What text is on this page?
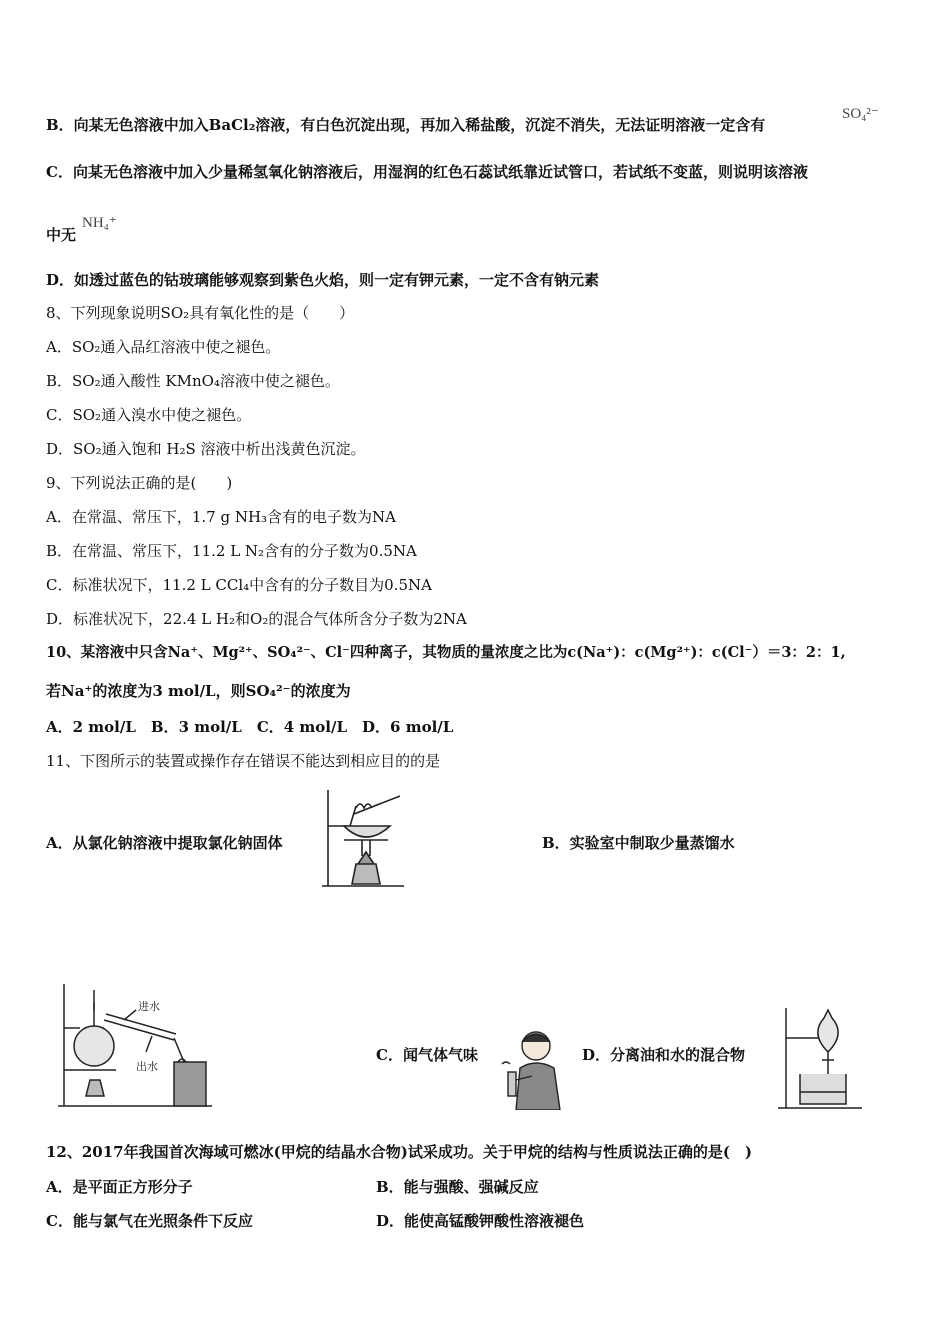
B．向某无色溶液中加入BaCl₂溶液，有白色沉淀出现，再加入稀盐酸，沉淀不消失，无法证明溶液一定含有
SO₄²⁻
C．向某无色溶液中加入少量稀氢氧化钠溶液后，用湿润的红色石蕊试纸靠近试管口，若试纸不变蓝，则说明该溶液
中无
NH₄⁺
D．如透过蓝色的钴玻璃能够观察到紫色火焰，则一定有钾元素，一定不含有钠元素
8、下列现象说明SO₂具有氧化性的是（　　）
A．SO₂通入品红溶液中使之褪色。
B．SO₂通入酸性 KMnO₄溶液中使之褪色。
C．SO₂通入溴水中使之褪色。
D．SO₂通入饱和 H₂S 溶液中析出浅黄色沉淀。
9、下列说法正确的是(　　)
A．在常温、常压下，1.7 g NH₃含有的电子数为NA
B．在常温、常压下，11.2 L N₂含有的分子数为0.5NA
C．标准状况下，11.2 L CCl₄中含有的分子数目为0.5NA
D．标准状况下，22.4 L H₂和O₂的混合气体所含分子数为2NA
10、某溶液中只含Na⁺、Mg²⁺、SO₄²⁻、Cl⁻四种离子，其物质的量浓度之比为c(Na⁺)：c(Mg²⁺)：c(Cl⁻）＝3：2：1,
若Na⁺的浓度为3 mol/L，则SO₄²⁻的浓度为
A．2 mol/L　B．3 mol/L　C．4 mol/L　D．6 mol/L
11、下图所示的装置或操作存在错误不能达到相应目的的是
A．从氯化钠溶液中提取氯化钠固体	B．实验室中制取少量蒸馏水
进水
出水
C．闻气体气味	D．分离油和水的混合物
12、2017年我国首次海域可燃冰(甲烷的结晶水合物)试采成功。关于甲烷的结构与性质说法正确的是(　)
A．是平面正方形分子	B．能与强酸、强碱反应
C．能与氯气在光照条件下反应	D．能使高锰酸钾酸性溶液褪色
